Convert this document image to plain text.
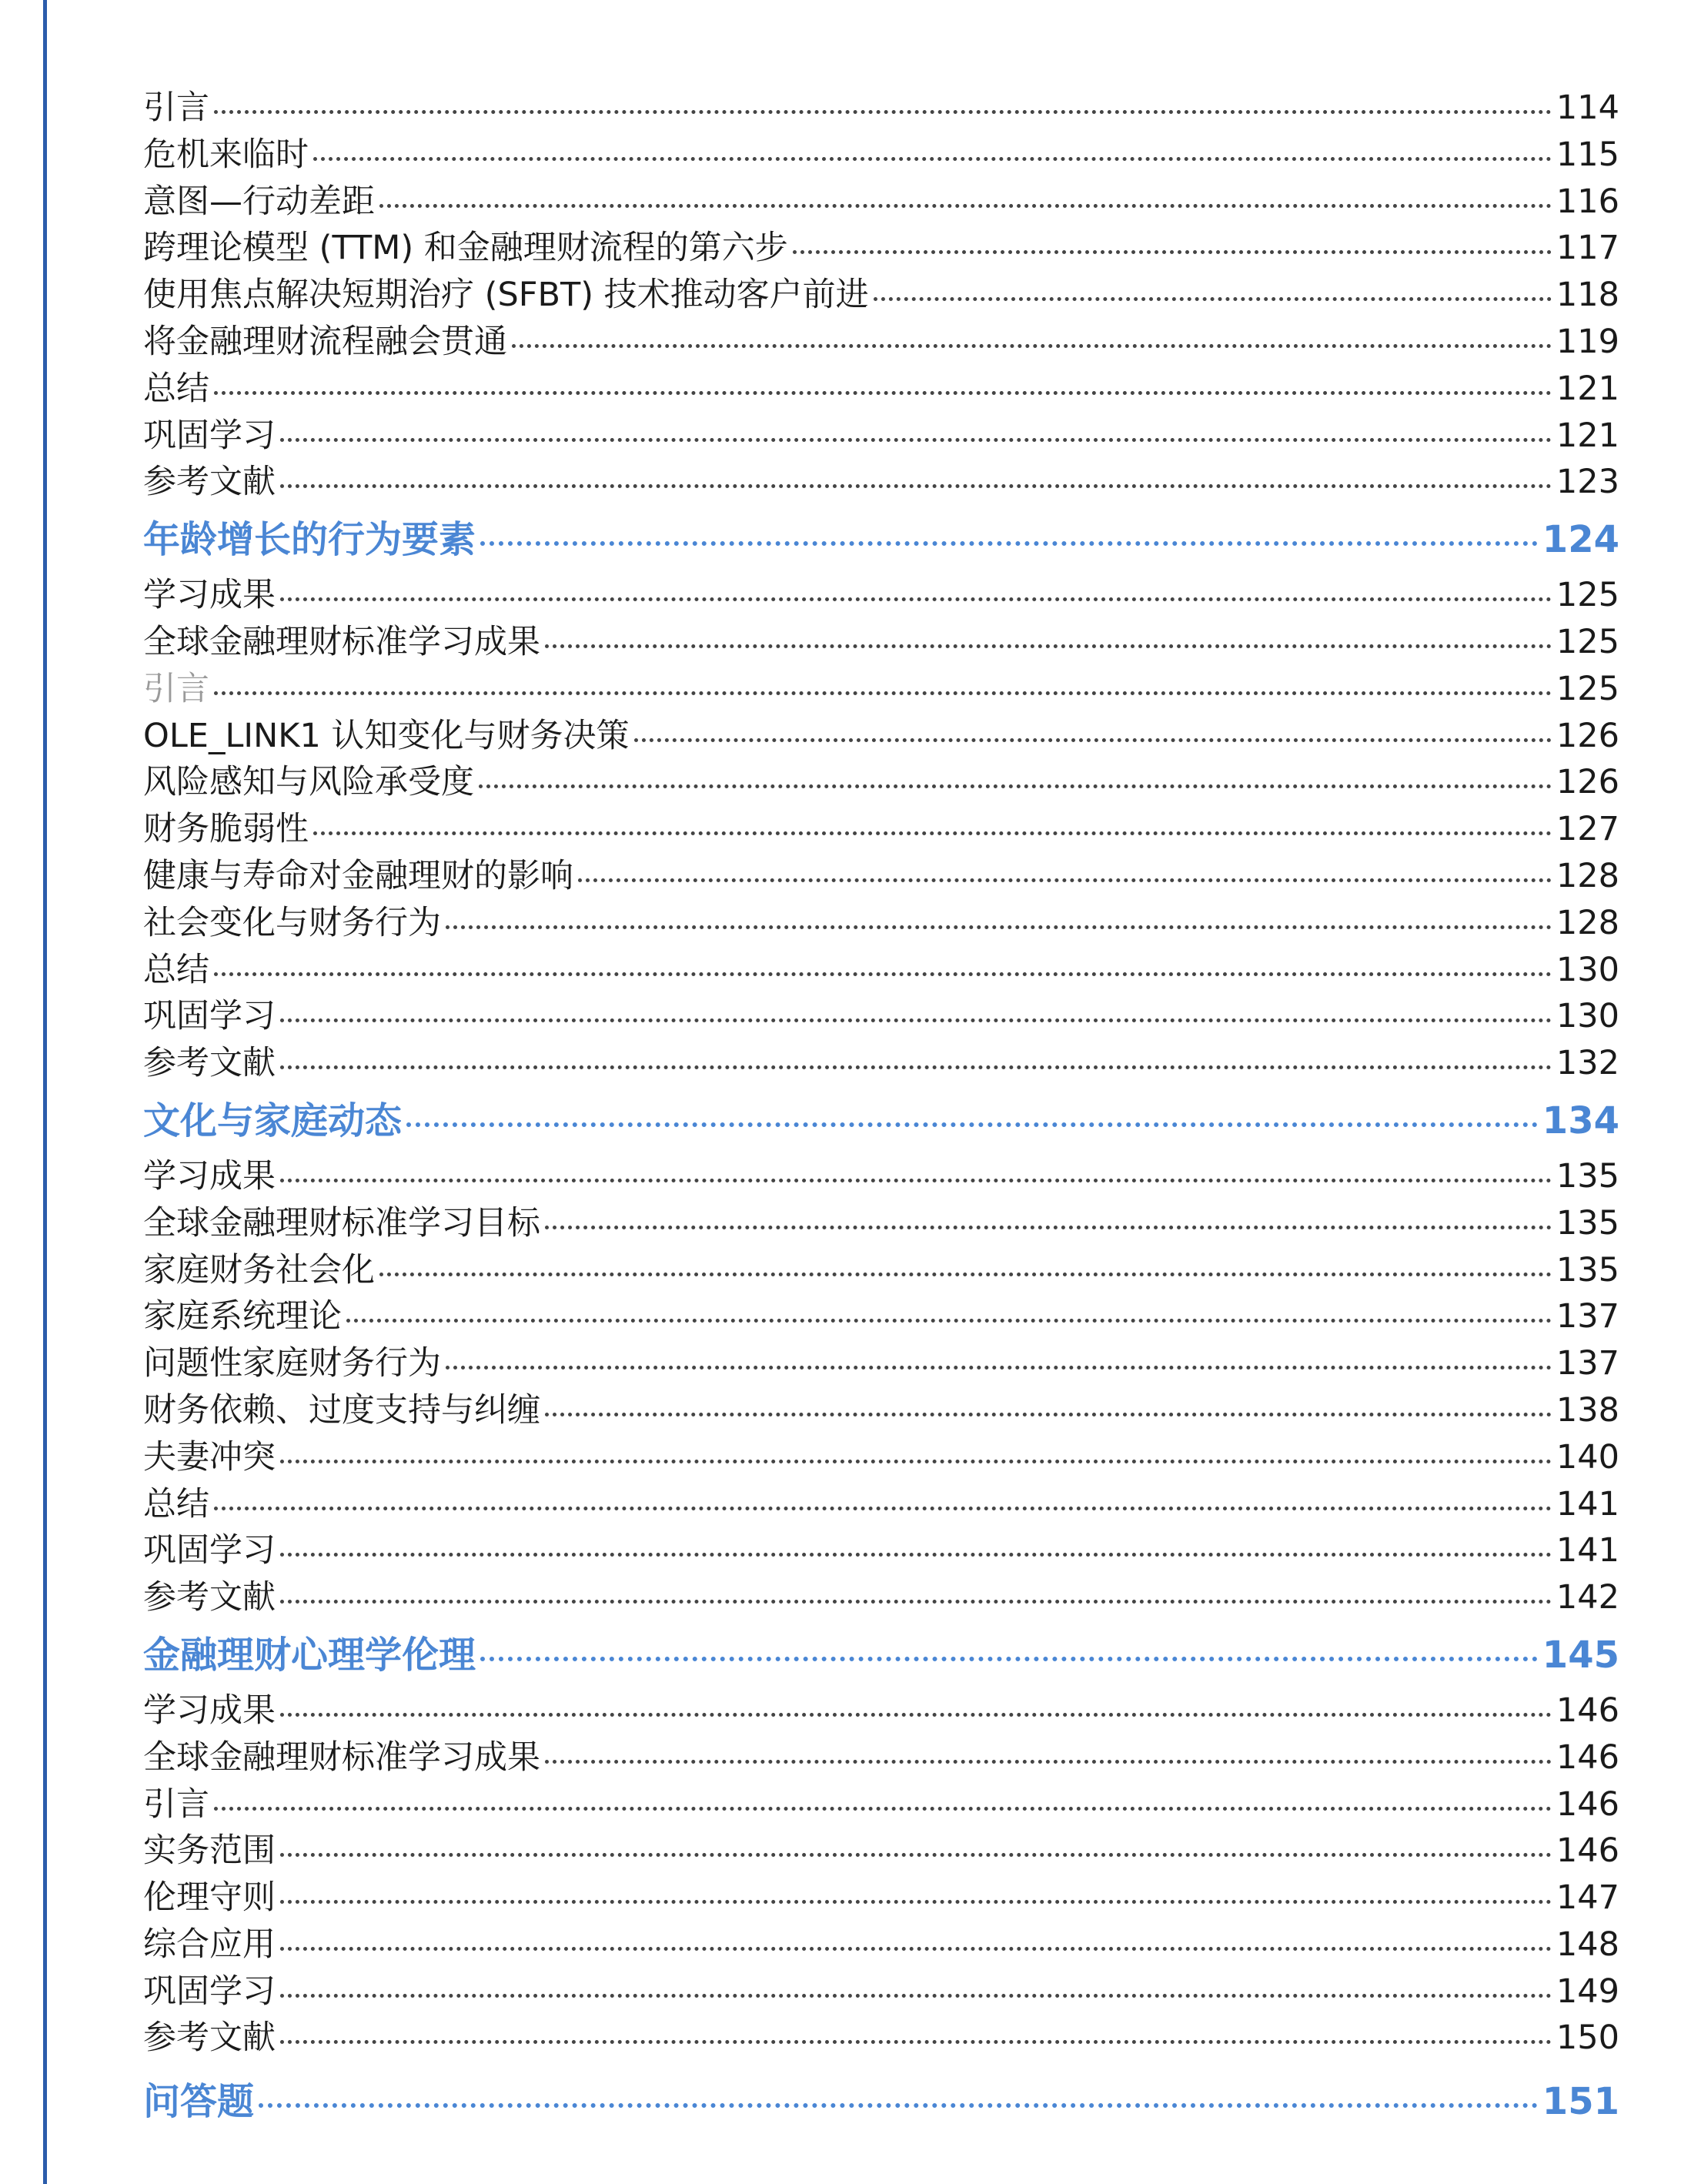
引言	114
危机来临时	115
意图—行动差距	116
跨理论模型 (TTM) 和金融理财流程的第六步	117
使用焦点解决短期治疗 (SFBT) 技术推动客户前进	118
将金融理财流程融会贯通	119
总结	121
巩固学习	121
参考文献	123
年龄增长的行为要素	124
学习成果	125
全球金融理财标准学习成果	125
引言	125
OLE_LINK1 认知变化与财务决策	126
风险感知与风险承受度	126
财务脆弱性	127
健康与寿命对金融理财的影响	128
社会变化与财务行为	128
总结	130
巩固学习	130
参考文献	132
文化与家庭动态	134
学习成果	135
全球金融理财标准学习目标	135
家庭财务社会化	135
家庭系统理论	137
问题性家庭财务行为	137
财务依赖、过度支持与纠缠	138
夫妻冲突	140
总结	141
巩固学习	141
参考文献	142
金融理财心理学伦理	145
学习成果	146
全球金融理财标准学习成果	146
引言	146
实务范围	146
伦理守则	147
综合应用	148
巩固学习	149
参考文献	150
问答题	151
